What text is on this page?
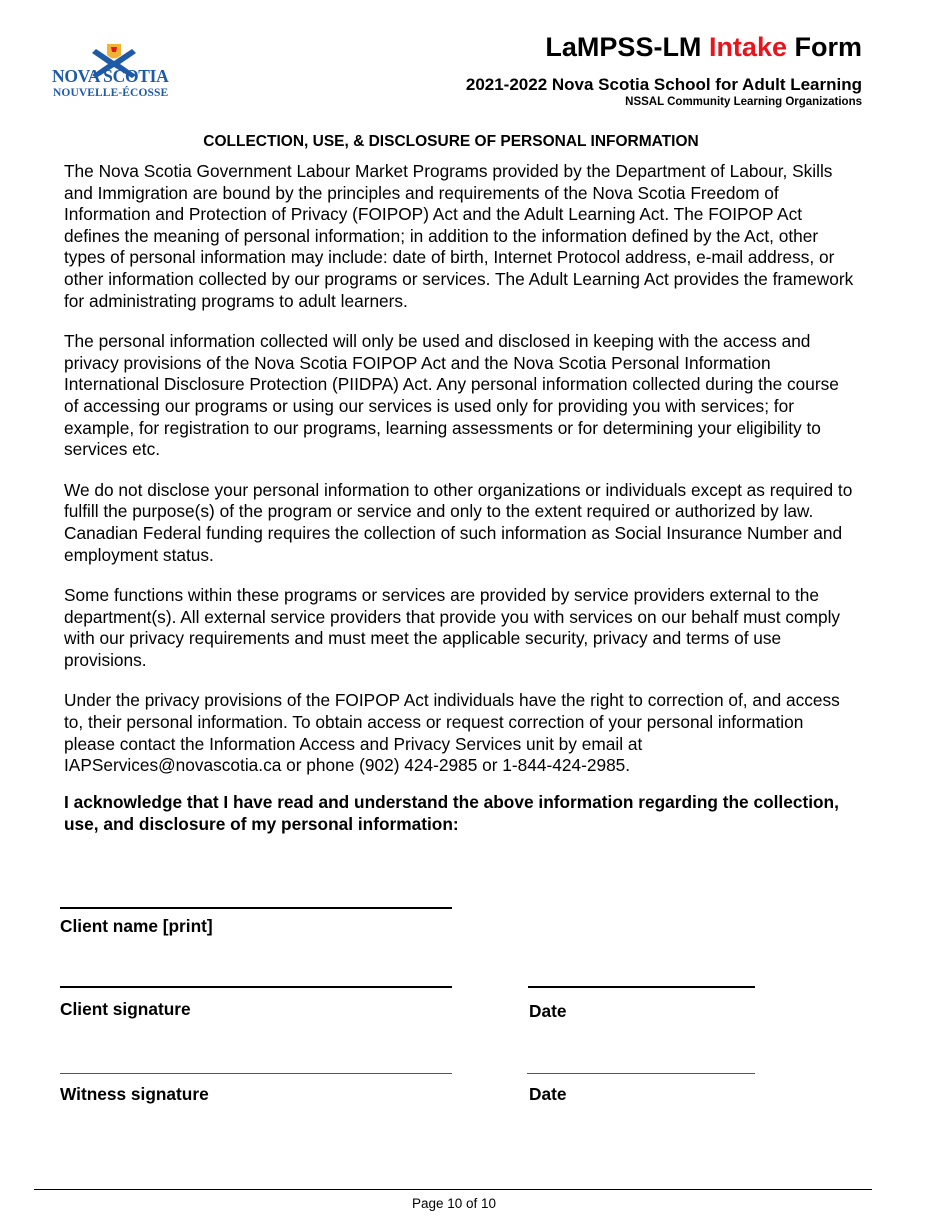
NOVA SCOTIA
NOUVELLE-ÉCOSSE
LaMPSS-LM Intake Form
2021-2022 Nova Scotia School for Adult Learning
NSSAL Community Learning Organizations
COLLECTION, USE, & DISCLOSURE OF PERSONAL INFORMATION

The Nova Scotia Government Labour Market Programs provided by the Department of Labour, Skills and Immigration are bound by the principles and requirements of the Nova Scotia Freedom of Information and Protection of Privacy (FOIPOP) Act and the Adult Learning Act. The FOIPOP Act defines the meaning of personal information; in addition to the information defined by the Act, other types of personal information may include: date of birth, Internet Protocol address, e-mail address, or other information collected by our programs or services. The Adult Learning Act provides the framework for administrating programs to adult learners.

The personal information collected will only be used and disclosed in keeping with the access and privacy provisions of the Nova Scotia FOIPOP Act and the Nova Scotia Personal Information International Disclosure Protection (PIIDPA) Act. Any personal information collected during the course of accessing our programs or using our services is used only for providing you with services; for example, for registration to our programs, learning assessments or for determining your eligibility to services etc.

We do not disclose your personal information to other organizations or individuals except as required to fulfill the purpose(s) of the program or service and only to the extent required or authorized by law. Canadian Federal funding requires the collection of such information as Social Insurance Number and employment status.

Some functions within these programs or services are provided by service providers external to the department(s). All external service providers that provide you with services on our behalf must comply with our privacy requirements and must meet the applicable security, privacy and terms of use provisions.

Under the privacy provisions of the FOIPOP Act individuals have the right to correction of, and access to, their personal information. To obtain access or request correction of your personal information please contact the Information Access and Privacy Services unit by email at IAPServices@novascotia.ca or phone (902) 424-2985 or 1-844-424-2985.

I acknowledge that I have read and understand the above information regarding the collection, use, and disclosure of my personal information:
Client name [print]
Client signature	Date
Witness signature	Date
Page 10 of 10
